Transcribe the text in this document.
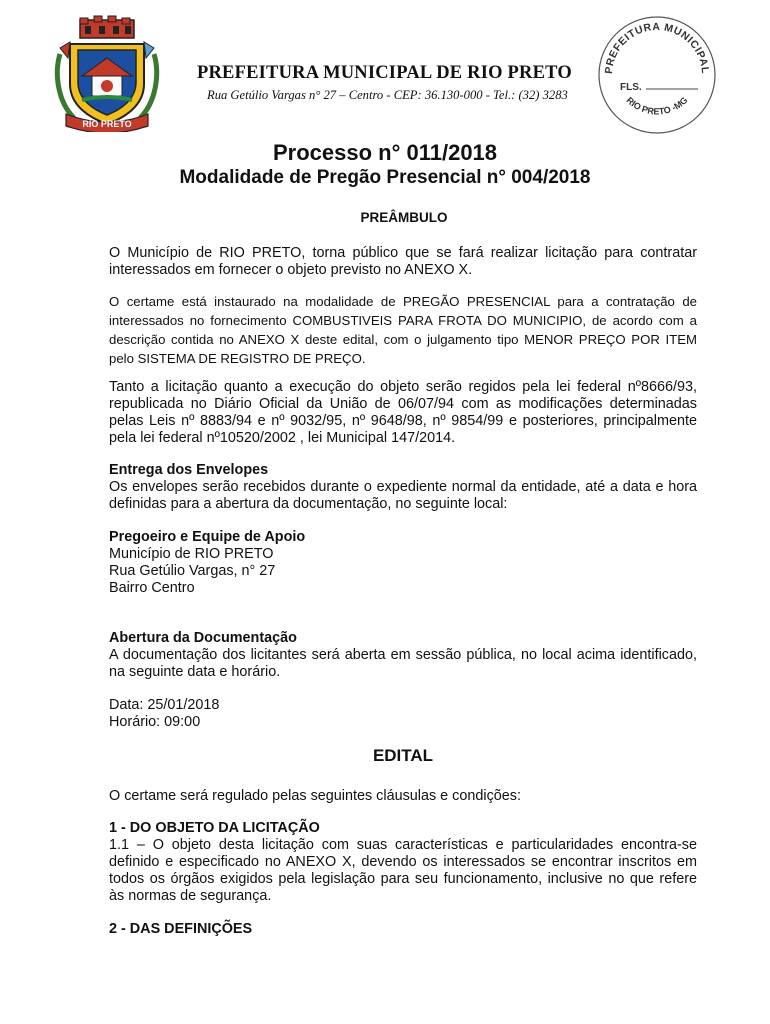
RIO PRETO
PREFEITURA MUNICIPAL DE RIO PRETO
Rua Getúlio Vargas n° 27 – Centro - CEP: 36.130-000 - Tel.: (32) 3283
PREFEITURA MUNICIPAL
RIO PRETO -MG
FLS.
Processo n° 011/2018
Modalidade de Pregão Presencial n° 004/2018
PREÂMBULO
O Município de RIO PRETO, torna público que se fará realizar licitação para contratar interessados em fornecer o objeto previsto no ANEXO X.
O certame está instaurado na modalidade de PREGÃO PRESENCIAL para a contratação de interessados no fornecimento COMBUSTIVEIS PARA FROTA DO MUNICIPIO, de acordo com a descrição contida no ANEXO X deste edital, com o julgamento tipo MENOR PREÇO POR ITEM pelo SISTEMA DE REGISTRO DE PREÇO.
Tanto a licitação quanto a execução do objeto serão regidos pela lei federal nº8666/93, republicada no Diário Oficial da União de 06/07/94 com as modificações determinadas pelas Leis nº 8883/94 e nº 9032/95, nº 9648/98, nº 9854/99 e posteriores, principalmente pela lei federal nº10520/2002 , lei Municipal 147/2014.
Entrega dos Envelopes
Os envelopes serão recebidos durante o expediente normal da entidade, até a data e hora definidas para a abertura da documentação, no seguinte local:
Pregoeiro e Equipe de Apoio
Município de RIO PRETO
Rua Getúlio Vargas, n° 27
Bairro Centro
Abertura da Documentação
A documentação dos licitantes será aberta em sessão pública, no local acima identificado, na seguinte data e horário.
Data: 25/01/2018
Horário: 09:00
EDITAL
O certame será regulado pelas seguintes cláusulas e condições:
1 - DO OBJETO DA LICITAÇÃO
1.1 – O objeto desta licitação com suas características e particularidades encontra-se definido e especificado no ANEXO X, devendo os interessados se encontrar inscritos em todos os órgãos exigidos pela legislação para seu funcionamento, inclusive no que refere às normas de segurança.
2 - DAS DEFINIÇÕES
